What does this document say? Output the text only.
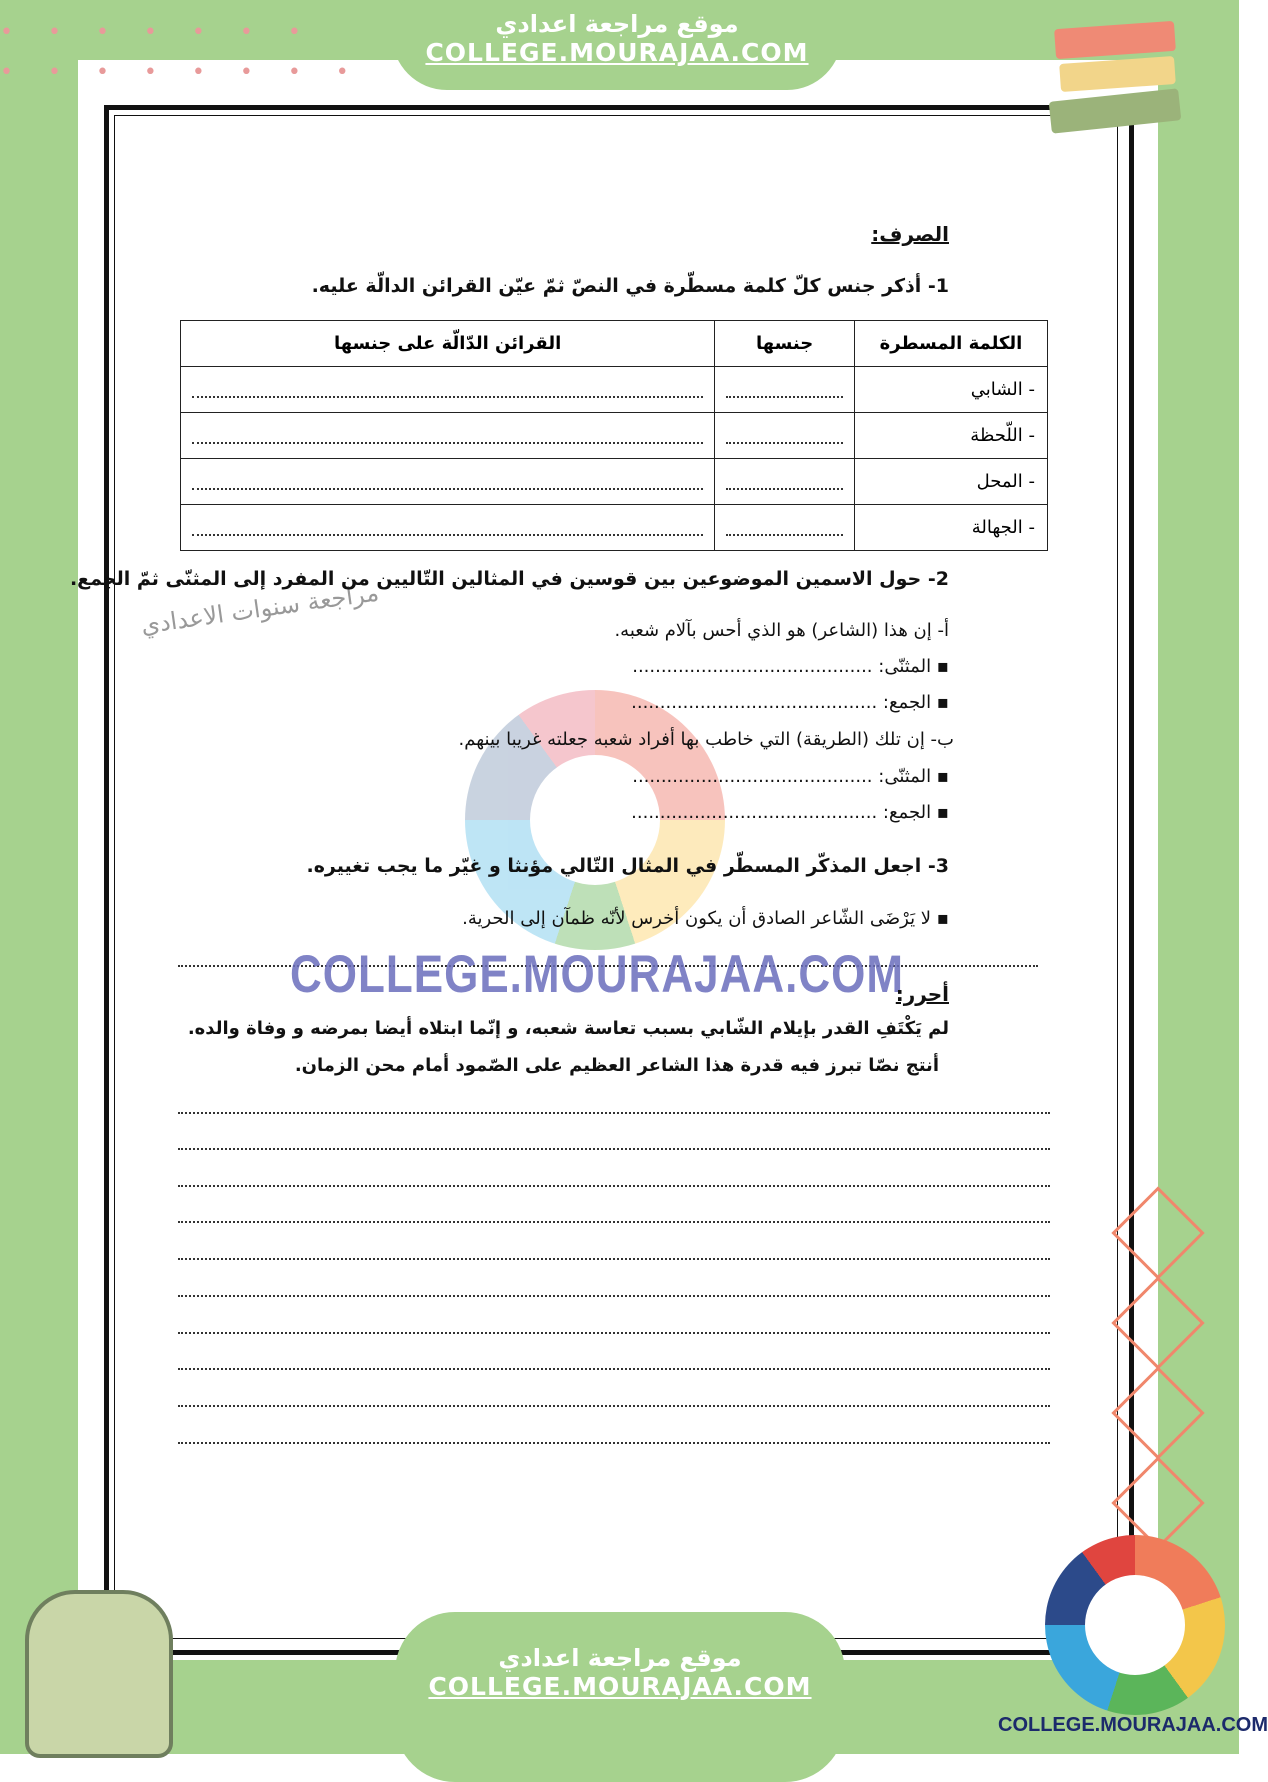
• • • • • • •
• • • • • • • •
موقع مراجعة اعدادي
COLLEGE.MOURAJAA.COM
الصرف:
1- أذكر جنس كلّ كلمة مسطّرة في النصّ ثمّ عيّن القرائن الدالّة عليه.
الكلمة المسطرة	جنسها	القرائن الدّالّة على جنسها
- الشابي	

- اللّحظة	

- المحل	

- الجهالة	

مراجعة سنوات الاعدادي
2- حول الاسمين الموضوعين بين قوسين في المثالين التّاليين من المفرد إلى المثنّى ثمّ الجمع.
أ- إن هذا (الشاعر) هو الذي أحس بآلام شعبه.
▪ المثنّى: ..........................................
▪ الجمع: ...........................................
ب- إن تلك (الطريقة) التي خاطب بها أفراد شعبه جعلته غريبا بينهم.
▪ المثنّى: ..........................................
▪ الجمع: ...........................................
3- اجعل المذكّر المسطّر في المثال التّالي مؤنثا و غيّر ما يجب تغييره.
▪ لا يَرْضَى الشّاعر الصادق أن يكون أخرس لأنّه ظمآن إلى الحرية.
COLLEGE.MOURAJAA.COM
أحرر:
لم يَكْتَفِ القدر بإيلام الشّابي بسبب تعاسة شعبه، و إنّما ابتلاه أيضا بمرضه و وفاة والده.
أنتج نصّا تبرز فيه قدرة هذا الشاعر العظيم على الصّمود أمام محن الزمان.
موقع مراجعة اعدادي
COLLEGE.MOURAJAA.COM
COLLEGE.MOURAJAA.COM
